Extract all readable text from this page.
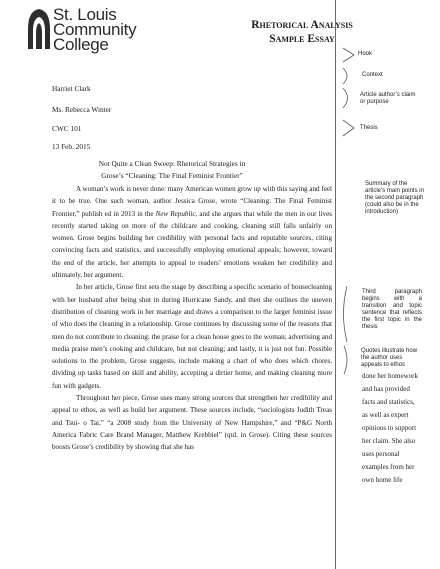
St. Louis
Community
College
Rhetorical Analysis
Sample Essay
Harriet Clark
Ms. Rebecca Winter
CWC 101
13 Feb. 2015
Not Quite a Clean Sweep: Rhetorical Strategies in
Grose’s “Cleaning: The Final Feminist Frontier”

A woman’s work is never done: many American women grow up with this saying and feel it to be true. One such woman, author Jessica Grose, wrote “Cleaning: The Final Feminist Frontier,” publish ed in 2013 in the New Republic, and she argues that while the men in our lives recently started taking on more of the childcare and cooking, cleaning still falls unfairly on women. Grose begins building her credibility with personal facts and reputable sources, citing convincing facts and statistics, and successfully employing emotional appeals; however, toward the end of the article, her attempts to appeal to readers’ emotions weaken her credibility and ultimately, her argument.

In her article, Grose first sets the stage by describing a specific scenario of housecleaning with her husband after being shut in during Hurricane Sandy, and then she outlines the uneven distribution of cleaning work in her marriage and draws a comparison to the larger feminist issue of who does the cleaning in a relationship. Grose continues by discussing some of the reasons that men do not contribute to cleaning: the praise for a clean house goes to the woman; advertising and media praise men’s cooking and childcare, but not cleaning; and lastly, it is just not fun. Possible solutions to the problem, Grose suggests, include making a chart of who does which chores, dividing up tasks based on skill and ability, accepting a dirtier home, and making cleaning more fun with gadgets.

Throughout her piece, Grose uses many strong sources that strengthen her credibility and appeal to ethos, as well as build her argument. These sources include, “sociologists Judith Treas and Tsui- o Tai,” “a 2008 study from the University of New Hampshire,” and “P&G North America Fabric Care Brand Manager, Matthew Krebbiel” (qtd. in Grose). Citing these sources boosts Grose’s credibility by showing that she has

Hook
Context
Article author’s claim or purpose
Thesis
Summary of the article’s main points in the second paragraph (could also be in the introduction)
Third paragraph begins with a transition and topic sentence that reflects the first topic in the thesis
Quotes illustrate how the author uses appeals to ethos
done her homework and has provided facts and statistics, as well as expert opinions to support her claim. She also uses personal examples from her own home life
